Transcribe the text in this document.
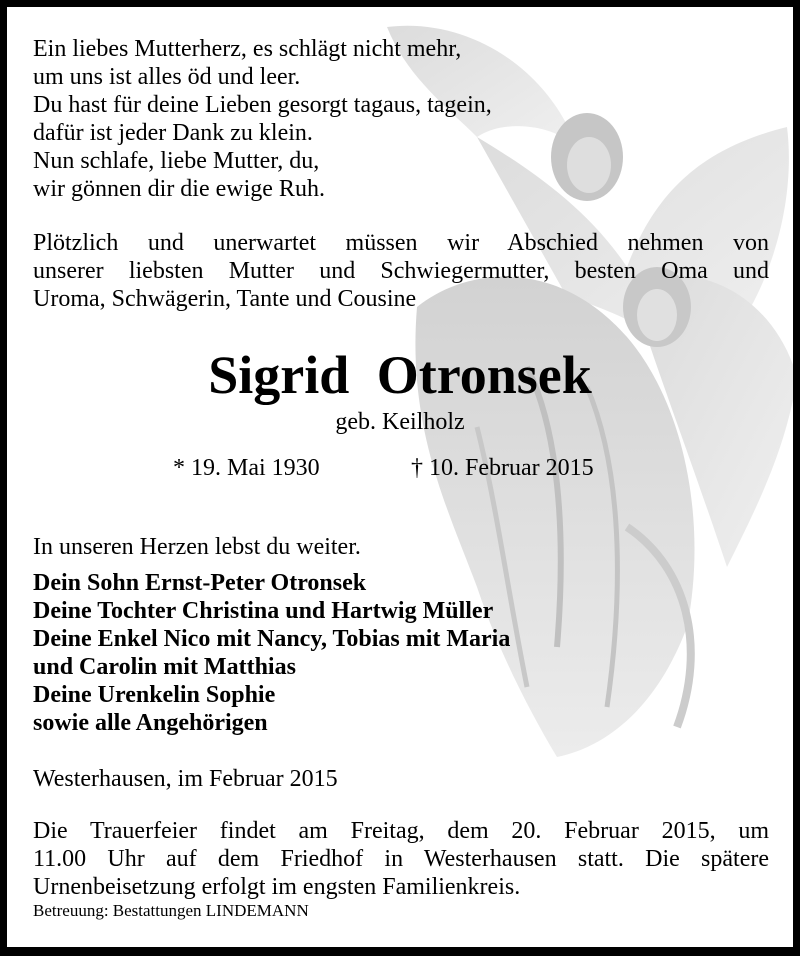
Ein liebes Mutterherz, es schlägt nicht mehr,
um uns ist alles öd und leer.
Du hast für deine Lieben gesorgt tagaus, tagein,
dafür ist jeder Dank zu klein.
Nun schlafe, liebe Mutter, du,
wir gönnen dir die ewige Ruh.
Plötzlich und unerwartet müssen wir Abschied nehmen von
unserer liebsten Mutter und Schwiegermutter, besten Oma und
Uroma, Schwägerin, Tante und Cousine
Sigrid Otronsek
geb. Keilholz
* 19. Mai 1930	† 10. Februar 2015
In unseren Herzen lebst du weiter.
Dein Sohn Ernst-Peter Otronsek
Deine Tochter Christina und Hartwig Müller
Deine Enkel Nico mit Nancy, Tobias mit Maria
und Carolin mit Matthias
Deine Urenkelin Sophie
sowie alle Angehörigen
Westerhausen, im Februar 2015
Die Trauerfeier findet am Freitag, dem 20. Februar 2015, um
11.00 Uhr auf dem Friedhof in Westerhausen statt. Die spätere
Urnenbeisetzung erfolgt im engsten Familienkreis.
Betreuung: Bestattungen LINDEMANN
